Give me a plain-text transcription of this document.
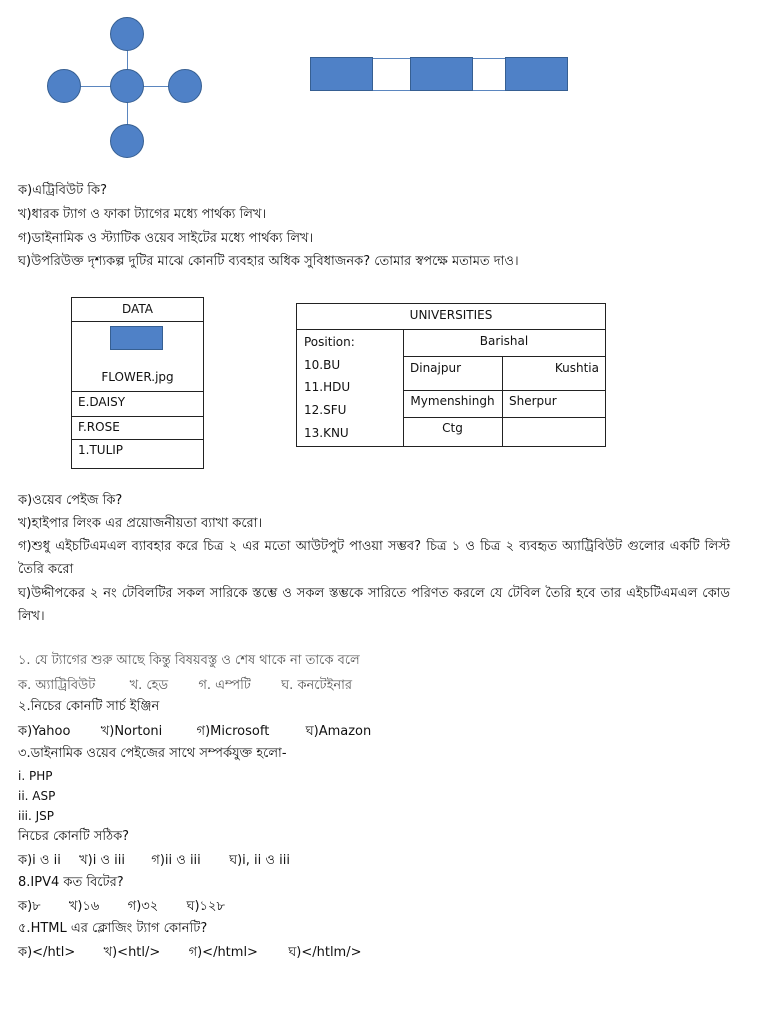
ক)এট্রিবিউট কি?
খ)ধারক ট্যাগ ও ফাকা ট্যাগের মধ্যে পার্থক্য লিখ।
গ)ডাইনামিক ও স্ট্যাটিক ওয়েব সাইটের মধ্যে পার্থক্য লিখ।
ঘ)উপরিউক্ত দৃশ্যকল্প দুটির মাঝে কোনটি ব্যবহার অধিক সুবিধাজনক? তোমার স্বপক্ষে মতামত দাও।
DATA
FLOWER.jpg
E.DAISY
F.ROSE
1.TULIP
UNIVERSITIES
Position:
10.BU
11.HDU
12.SFU
13.KNU
Barishal
Dinajpur	Kushtia
Mymenshingh	Sherpur
Ctg
ক)ওয়েব পেইজ কি?
খ)হাইপার লিংক এর প্রয়োজনীয়তা ব্যাখা করো।
গ)শুধু এইচটিএমএল ব্যাবহার করে চিত্র ২ এর মতো আউটপুট পাওয়া সম্ভব? চিত্র ১ ও চিত্র ২ ব্যবহৃত অ্যাট্রিবিউট গুলোর একটি লিস্ট তৈরি করো
ঘ)উদ্দীপকের ২ নং টেবিলটির সকল সারিকে স্তম্ভে ও সকল স্তম্ভকে সারিতে পরিণত করলে যে টেবিল তৈরি হবে তার এইচটিএমএল কোড লিখ।
১. যে ট্যাগের শুরু আছে কিন্তু বিষয়বস্তু ও শেষ থাকে না তাকে বলে
ক. অ্যাট্রিবিউট	খ. হেড গ. এম্পটি ঘ. কনটেইনার
২.নিচের কোনটি সার্চ ইঞ্জিন
ক)Yahoo খ)Nortoni	গ)Microsoft	ঘ)Amazon
৩.ডাইনামিক ওয়েব পেইজের সাথে সম্পর্কযুক্ত হলো-
i. PHP
ii. ASP
iii. JSP
নিচের কোনটি সঠিক?
ক)i ও ii খ)i ও iii গ)ii ও iii ঘ)i, ii ও iii
8.IPV4 কত বিটের?
ক)৮ খ)১৬ গ)৩২ ঘ)১২৮
৫.HTML এর ক্লোজিং ট্যাগ কোনটি?
ক)</htl> খ)<htl/> গ)</html> ঘ)</htlm/>
